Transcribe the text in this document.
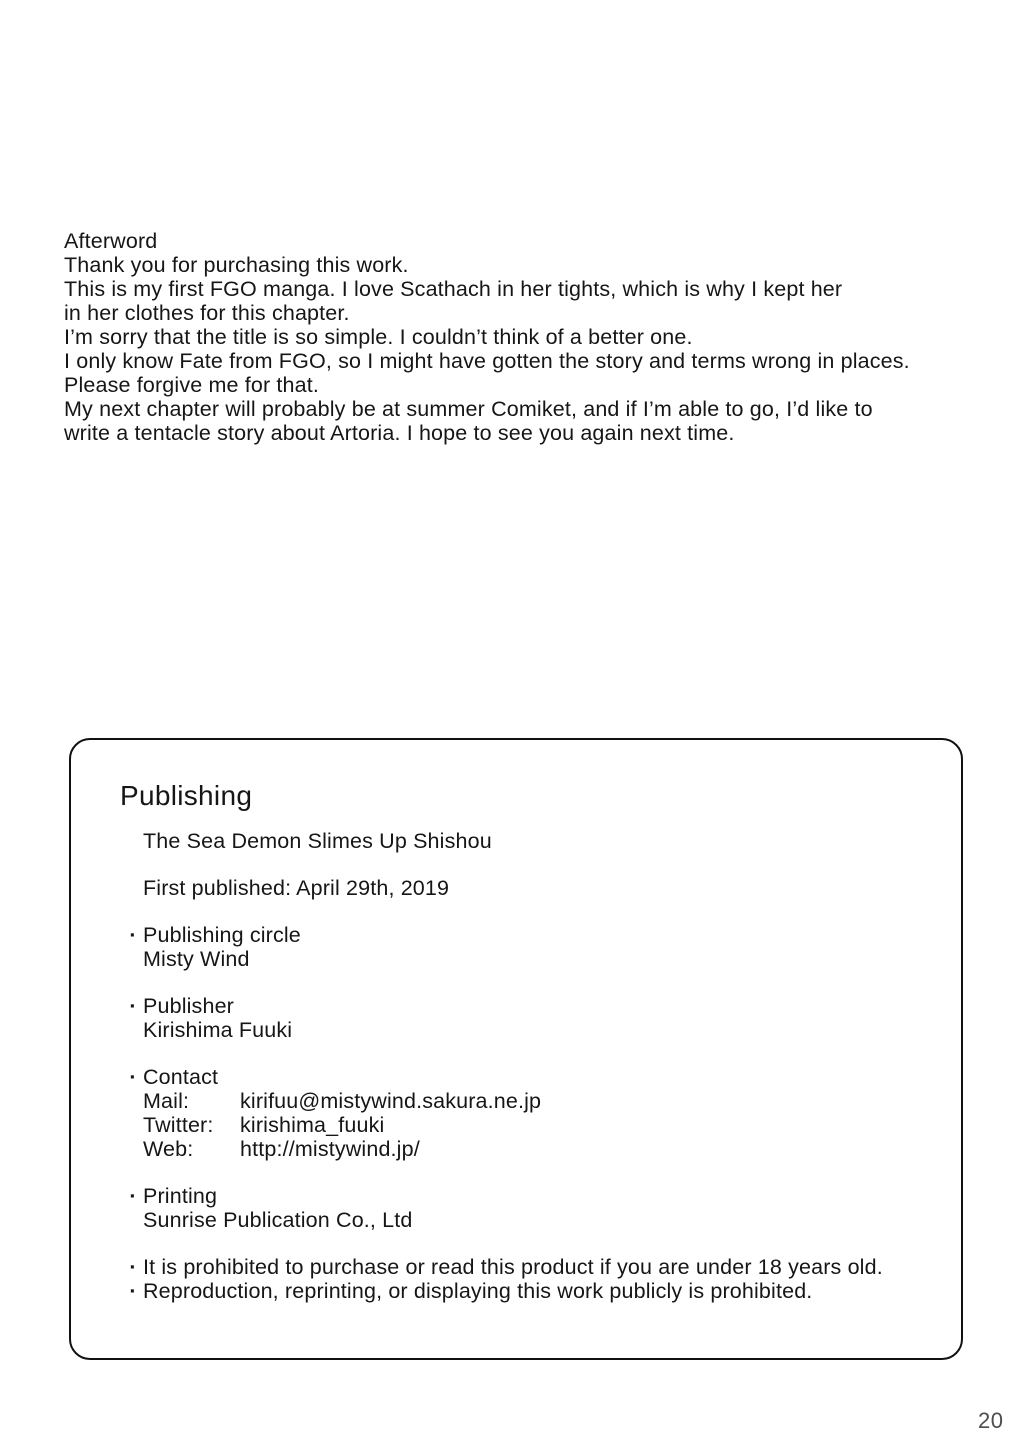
Afterword
Thank you for purchasing this work.
This is my first FGO manga. I love Scathach in her tights, which is why I kept her
in her clothes for this chapter.
I’m sorry that the title is so simple. I couldn’t think of a better one.
I only know Fate from FGO, so I might have gotten the story and terms wrong in places.
Please forgive me for that.
My next chapter will probably be at summer Comiket, and if I’m able to go, I’d like to
write a tentacle story about Artoria. I hope to see you again next time.
Publishing
The Sea Demon Slimes Up Shishou
First published: April 29th, 2019
· Publishing circle
Misty Wind
· Publisher
Kirishima Fuuki
· Contact
Mail:	kirifuu@mistywind.sakura.ne.jp
Twitter:	kirishima_fuuki
Web:	http://mistywind.jp/
· Printing
Sunrise Publication Co., Ltd
· It is prohibited to purchase or read this product if you are under 18 years old.
· Reproduction, reprinting, or displaying this work publicly is prohibited.
20
